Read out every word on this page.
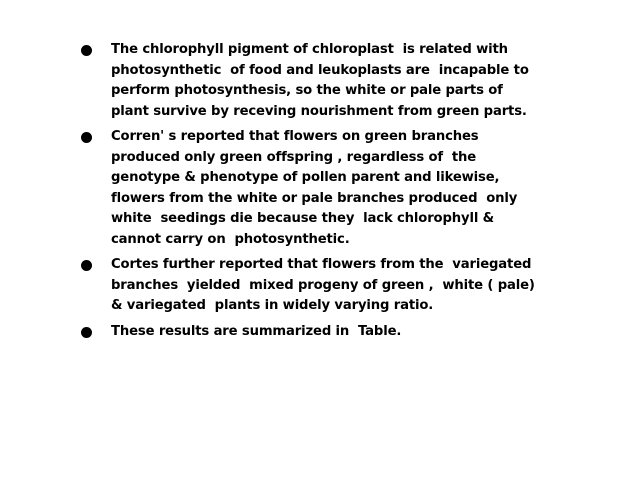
The chlorophyll pigment of chloroplast  is related with
photosynthetic  of food and leukoplasts are  incapable to
perform photosynthesis, so the white or pale parts of
plant survive by receving nourishment from green parts.
Corren' s reported that flowers on green branches
produced only green offspring , regardless of  the
genotype & phenotype of pollen parent and likewise,
flowers from the white or pale branches produced  only
white  seedings die because they  lack chlorophyll &
cannot carry on  photosynthetic.
Cortes further reported that flowers from the  variegated
branches  yielded  mixed progeny of green ,  white ( pale)
& variegated  plants in widely varying ratio.
These results are summarized in  Table.
